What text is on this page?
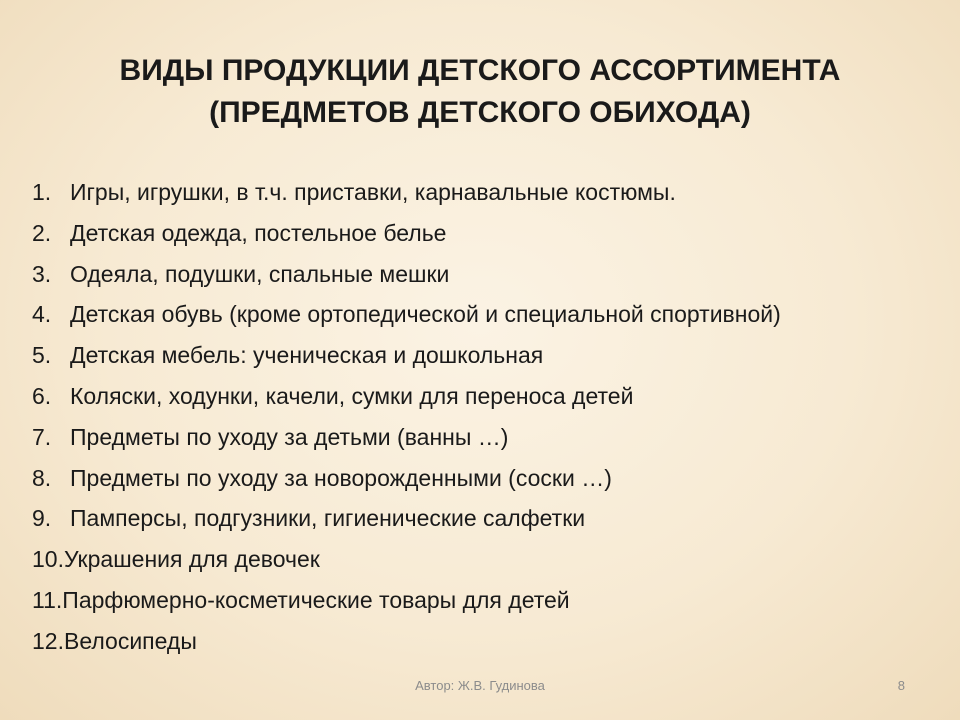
ВИДЫ ПРОДУКЦИИ ДЕТСКОГО АССОРТИМЕНТА
(ПРЕДМЕТОВ ДЕТСКОГО ОБИХОДА)
1. Игры, игрушки, в т.ч. приставки, карнавальные костюмы.
2. Детская одежда, постельное белье
3. Одеяла, подушки, спальные мешки
4. Детская обувь (кроме ортопедической и специальной спортивной)
5. Детская мебель: ученическая и дошкольная
6. Коляски, ходунки, качели, сумки для переноса детей
7. Предметы по уходу за детьми (ванны …)
8. Предметы по уходу за новорожденными (соски …)
9. Памперсы, подгузники, гигиенические салфетки
10. Украшения для девочек
11. Парфюмерно-косметические товары для детей
12. Велосипеды
Автор: Ж.В. Гудинова	8
